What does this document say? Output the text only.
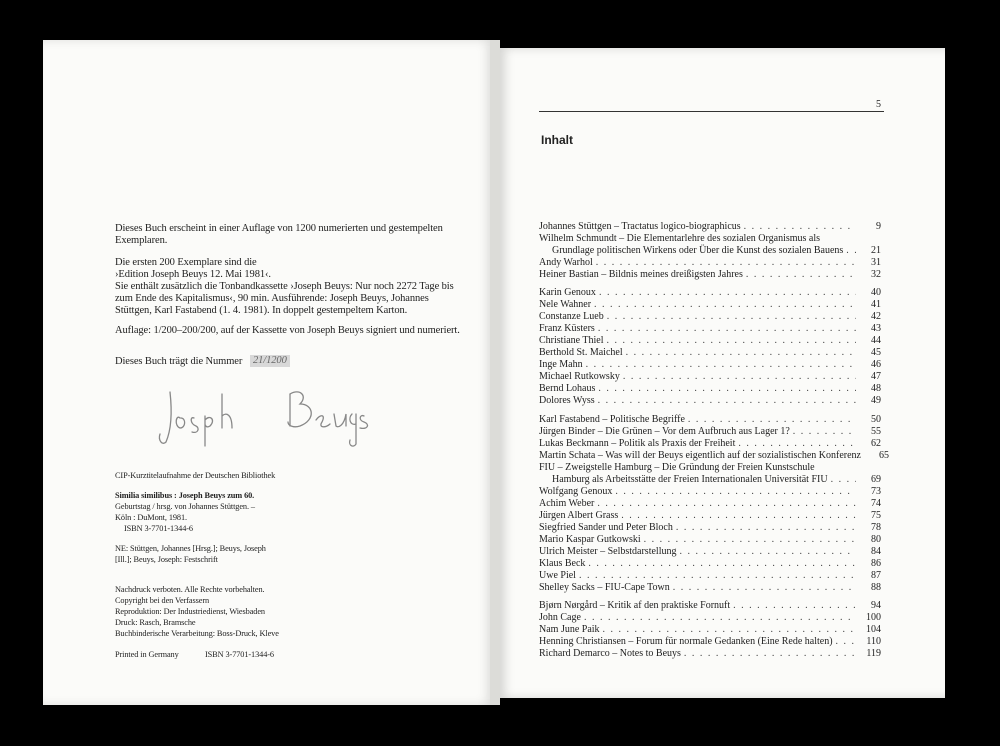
Dieses Buch erscheint in einer Auflage von 1200 numerierten und gestempelten
Exemplaren.
Die ersten 200 Exemplare sind die
›Edition Joseph Beuys 12. Mai 1981‹.
Sie enthält zusätzlich die Tonbandkassette ›Joseph Beuys: Nur noch 2272 Tage bis
zum Ende des Kapitalismus‹, 90 min. Ausführende: Joseph Beuys, Johannes
Stüttgen, Karl Fastabend (1. 4. 1981). In doppelt gestempeltem Karton.
Auflage: 1/200–200/200, auf der Kassette von Joseph Beuys signiert und numeriert.
Dieses Buch trägt die Nummer 21/1200
CIP-Kurztitelaufnahme der Deutschen Bibliothek
Similia similibus : Joseph Beuys zum 60.
Geburtstag / hrsg. von Johannes Stüttgen. –
Köln : DuMont, 1981.
ISBN 3-7701-1344-6
NE: Stüttgen, Johannes [Hrsg.]; Beuys, Joseph
[Ill.]; Beuys, Joseph: Festschrift
Nachdruck verboten. Alle Rechte vorbehalten.
Copyright bei den Verfassern
Reproduktion: Der Industriedienst, Wiesbaden
Druck: Rasch, Bramsche
Buchbinderische Verarbeitung: Boss-Druck, Kleve
Printed in Germany	ISBN 3-7701-1344-6
5
Inhalt
Johannes Stüttgen – Tractatus logico-biographicus . . .	9
Wilhelm Schmundt – Die Elementarlehre des sozialen Organismus als
Grundlage politischen Wirkens oder Über die Kunst des sozialen Bauens . . .	21
Andy Warhol . . .	31
Heiner Bastian – Bildnis meines dreißigsten Jahres . . .	32
Karin Genoux . . .	40
Nele Wahner . . .	41
Constanze Lueb . . .	42
Franz Küsters . . .	43
Christiane Thiel . . .	44
Berthold St. Maichel . . .	45
Inge Mahn . . .	46
Michael Rutkowsky . . .	47
Bernd Lohaus . . .	48
Dolores Wyss . . .	49
Karl Fastabend – Politische Begriffe . . .	50
Jürgen Binder – Die Grünen – Vor dem Aufbruch aus Lager 1? . . .	55
Lukas Beckmann – Politik als Praxis der Freiheit . . .	62
Martin Schata – Was will der Beuys eigentlich auf der sozialistischen Konferenz	65
FIU – Zweigstelle Hamburg – Die Gründung der Freien Kunstschule
Hamburg als Arbeitsstätte der Freien Internationalen Universität FIU . . .	69
Wolfgang Genoux . . .	73
Achim Weber . . .	74
Jürgen Albert Grass . . .	75
Siegfried Sander und Peter Bloch . . .	78
Mario Kaspar Gutkowski . . .	80
Ulrich Meister – Selbstdarstellung . . .	84
Klaus Beck . . .	86
Uwe Piel . . .	87
Shelley Sacks – FIU-Cape Town . . .	88
Bjørn Nørgård – Kritik af den praktiske Fornuft . . .	94
John Cage . . .	100
Nam June Paik . . .	104
Henning Christiansen – Forum für normale Gedanken (Eine Rede halten) . . .	110
Richard Demarco – Notes to Beuys . . .	119
